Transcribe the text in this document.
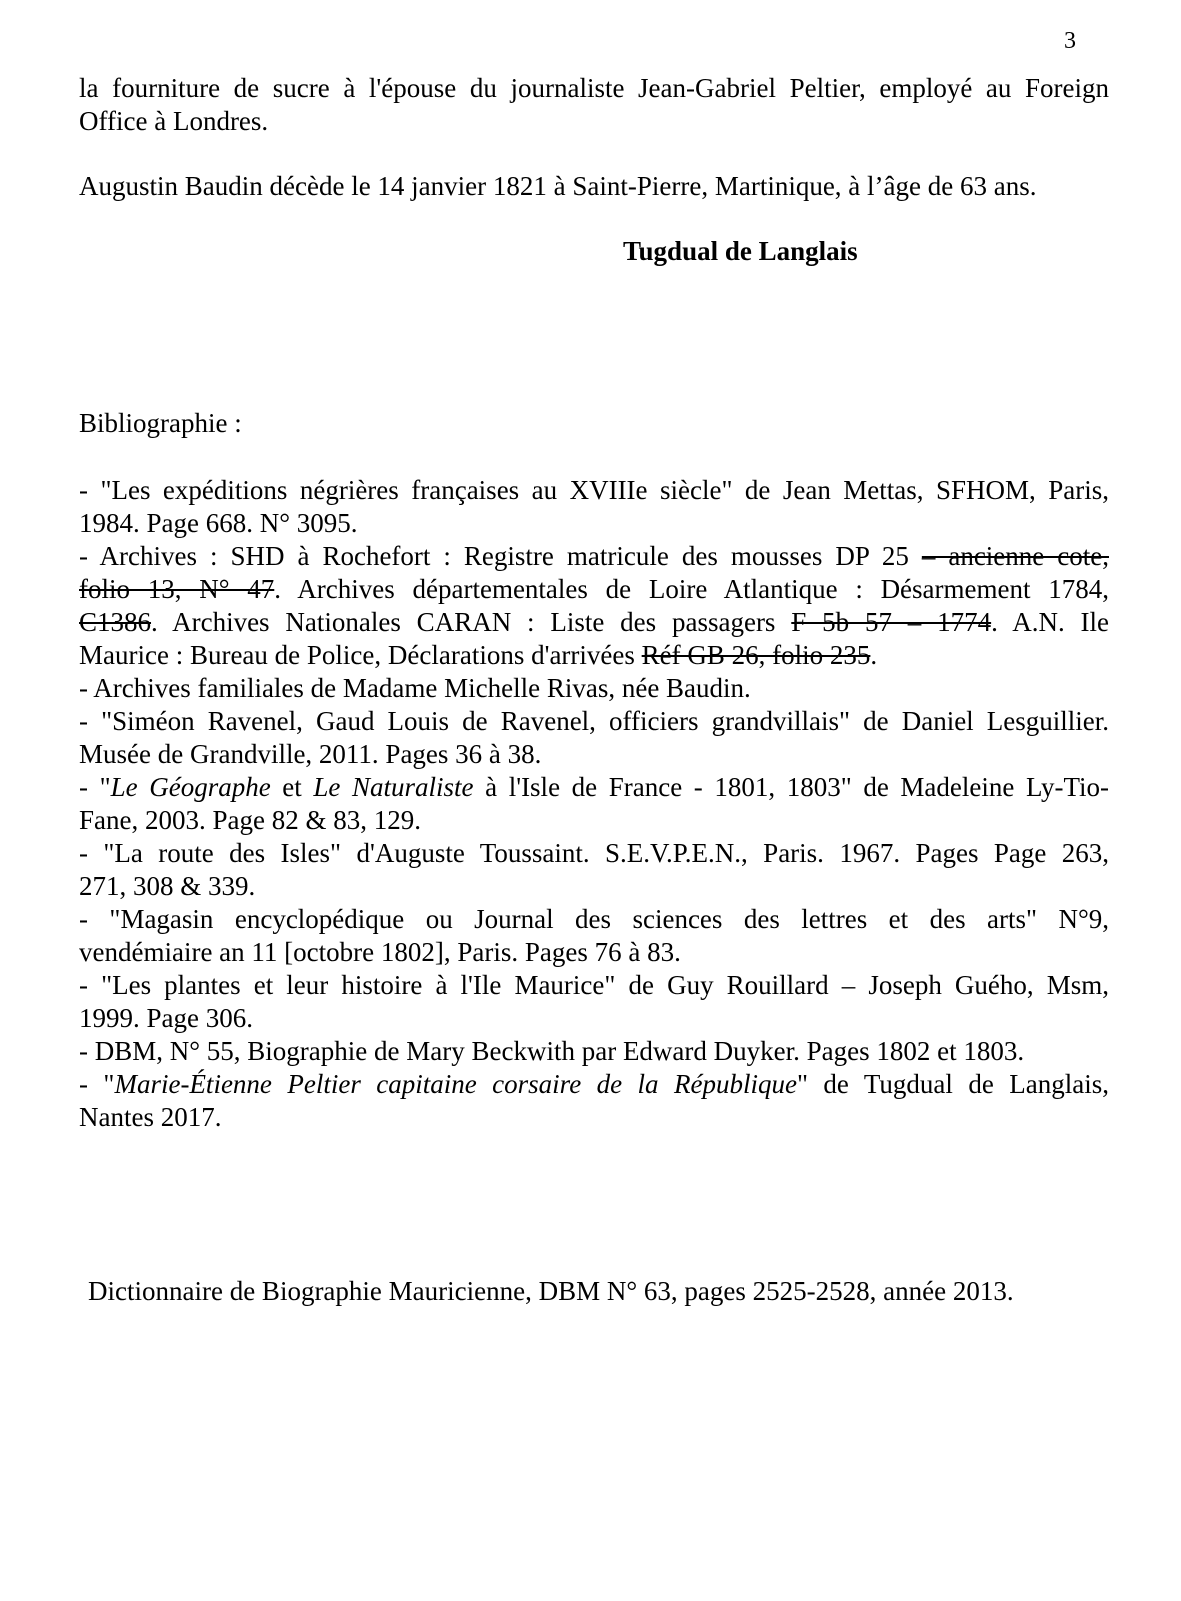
3
la fourniture de sucre à l'épouse du journaliste Jean-Gabriel Peltier, employé au Foreign
Office à Londres.
Augustin Baudin décède le 14 janvier 1821 à Saint-Pierre, Martinique, à l’âge de 63 ans.
Tugdual de Langlais
Bibliographie :
- "Les expéditions négrières françaises au XVIIIe siècle" de Jean Mettas, SFHOM, Paris,
1984. Page 668. N° 3095.
- Archives : SHD à Rochefort : Registre matricule des mousses DP 25 – ancienne cote,
folio 13, N° 47. Archives départementales de Loire Atlantique : Désarmement 1784,
C1386. Archives Nationales CARAN : Liste des passagers F 5b 57 – 1774. A.N. Ile
Maurice : Bureau de Police, Déclarations d'arrivées Réf GB 26, folio 235.
- Archives familiales de Madame Michelle Rivas, née Baudin.
- "Siméon Ravenel, Gaud Louis de Ravenel, officiers grandvillais" de Daniel Lesguillier.
Musée de Grandville, 2011. Pages 36 à 38.
- "Le Géographe et Le Naturaliste à l'Isle de France - 1801, 1803" de Madeleine Ly-Tio-
Fane, 2003. Page 82 & 83, 129.
- "La route des Isles" d'Auguste Toussaint. S.E.V.P.E.N., Paris. 1967. Pages Page 263,
271, 308 & 339.
- "Magasin encyclopédique ou Journal des sciences des lettres et des arts" N°9,
vendémiaire an 11 [octobre 1802], Paris. Pages 76 à 83.
- "Les plantes et leur histoire à l'Ile Maurice" de Guy Rouillard – Joseph Guého, Msm,
1999. Page 306.
- DBM, N° 55, Biographie de Mary Beckwith par Edward Duyker. Pages 1802 et 1803.
- "Marie-Étienne Peltier capitaine corsaire de la République" de Tugdual de Langlais,
Nantes 2017.
Dictionnaire de Biographie Mauricienne, DBM N° 63, pages 2525-2528, année 2013.
